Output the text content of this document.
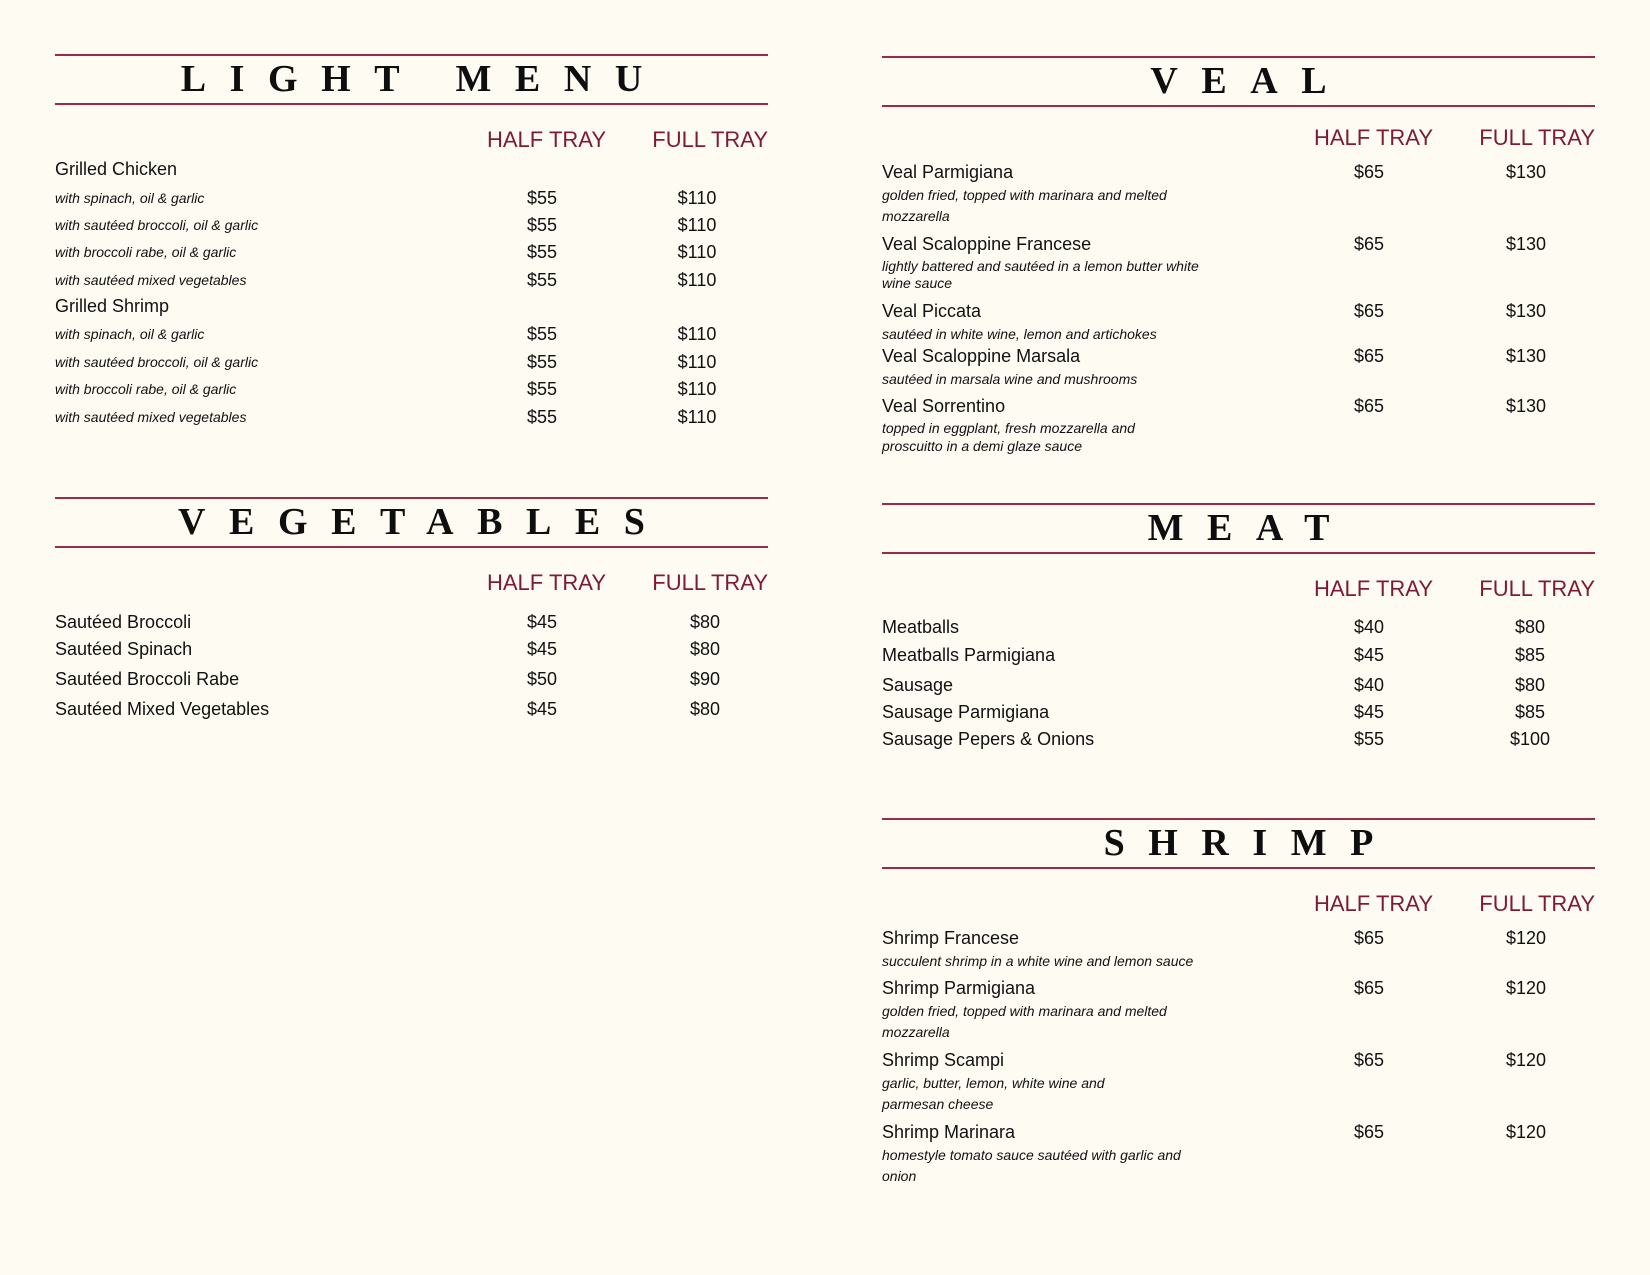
LIGHT MENU
HALF TRAY FULL TRAY
Grilled Chicken
with spinach, oil & garlic	$55	$110
with sautéed broccoli, oil & garlic	$55	$110
with broccoli rabe, oil & garlic	$55	$110
with sautéed mixed vegetables	$55	$110
Grilled Shrimp
with spinach, oil & garlic	$55	$110
with sautéed broccoli, oil & garlic	$55	$110
with broccoli rabe, oil & garlic	$55	$110
with sautéed mixed vegetables	$55	$110
VEGETABLES
HALF TRAY FULL TRAY
Sautéed Broccoli	$45	$80
Sautéed Spinach	$45	$80
Sautéed Broccoli Rabe	$50	$90
Sautéed Mixed Vegetables	$45	$80
VEAL
HALF TRAY FULL TRAY
Veal Parmigiana
golden fried, topped with marinara and melted mozzarella
$65	$130
Veal Scaloppine Francese
lightly battered and sautéed in a lemon butter white wine sauce
$65	$130
Veal Piccata
sautéed in white wine, lemon and artichokes
$65	$130
Veal Scaloppine Marsala
sautéed in marsala wine and mushrooms
$65	$130
Veal Sorrentino
topped in eggplant, fresh mozzarella and proscuitto in a demi glaze sauce
$65	$130
MEAT
HALF TRAY FULL TRAY
Meatballs	$40	$80
Meatballs Parmigiana	$45	$85
Sausage	$40	$80
Sausage Parmigiana	$45	$85
Sausage Pepers & Onions	$55	$100
SHRIMP
HALF TRAY FULL TRAY
Shrimp Francese
succulent shrimp in a white wine and lemon sauce
$65	$120
Shrimp Parmigiana
golden fried, topped with marinara and melted mozzarella
$65	$120
Shrimp Scampi
garlic, butter, lemon, white wine and parmesan cheese
$65	$120
Shrimp Marinara
homestyle tomato sauce sautéed with garlic and onion
$65	$120
